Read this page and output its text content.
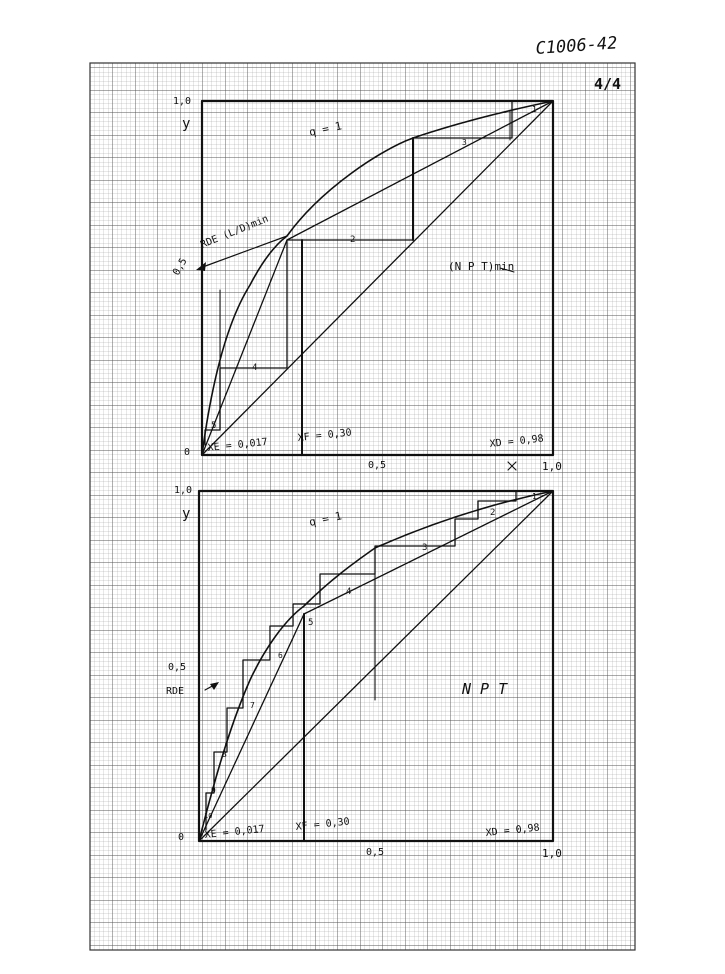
C1006-42
4/4
1,0
y
0,5
0
0,5
X
1,0
q = 1
RDE (L/D)min
(N P T)min
XE = 0,017
XF = 0,30	XD = 0,98
1
2
3
4
5
1,0
y
0,5
0
0,5	1,0
q = 1
RDE	N P T
XE = 0,017	XF = 0,30	XD = 0,98
1
2
3
4
5
6
7
8
9
10
